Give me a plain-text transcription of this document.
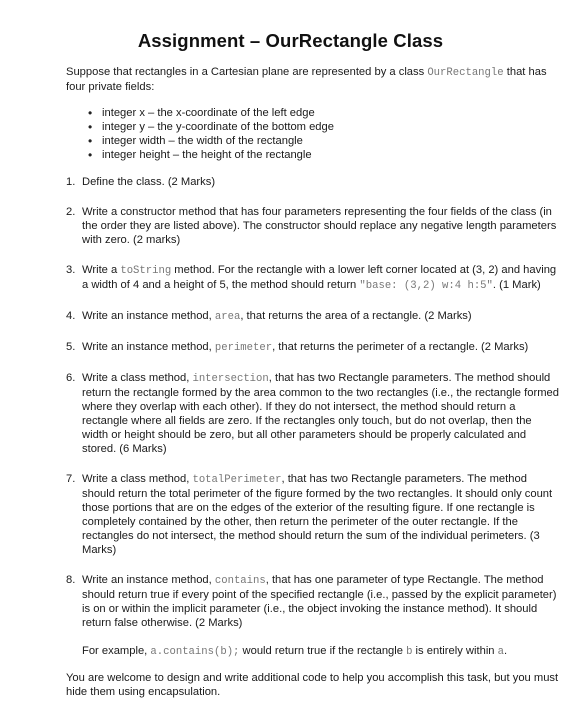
Assignment – OurRectangle Class

Suppose that rectangles in a Cartesian plane are represented by a class OurRectangle that has four private fields:

• integer x – the x-coordinate of the left edge
• integer y – the y-coordinate of the bottom edge
• integer width – the width of the rectangle
• integer height – the height of the rectangle
1. Define the class. (2 Marks)
2. Write a constructor method that has four parameters representing the four fields of the class (in the order they are listed above). The constructor should replace any negative length parameters with zero. (2 marks)
3. Write a toString method. For the rectangle with a lower left corner located at (3, 2) and having a width of 4 and a height of 5, the method should return "base: (3,2) w:4 h:5". (1 Mark)
4. Write an instance method, area, that returns the area of a rectangle. (2 Marks)
5. Write an instance method, perimeter, that returns the perimeter of a rectangle. (2 Marks)
6. Write a class method, intersection, that has two Rectangle parameters. The method should return the rectangle formed by the area common to the two rectangles (i.e., the rectangle formed where they overlap with each other). If they do not intersect, the method should return a rectangle where all fields are zero. If the rectangles only touch, but do not overlap, then the width or height should be zero, but all other parameters should be properly calculated and stored. (6 Marks)
7. Write a class method, totalPerimeter, that has two Rectangle parameters. The method should return the total perimeter of the figure formed by the two rectangles. It should only count those portions that are on the edges of the exterior of the resulting figure. If one rectangle is completely contained by the other, then return the perimeter of the outer rectangle. If the rectangles do not intersect, the method should return the sum of the individual perimeters. (3 Marks)
8. Write an instance method, contains, that has one parameter of type Rectangle. The method should return true if every point of the specified rectangle (i.e., passed by the explicit parameter) is on or within the implicit parameter (i.e., the object invoking the instance method). It should return false otherwise. (2 Marks)
For example, a.contains(b); would return true if the rectangle b is entirely within a.

You are welcome to design and write additional code to help you accomplish this task, but you must hide them using encapsulation.
